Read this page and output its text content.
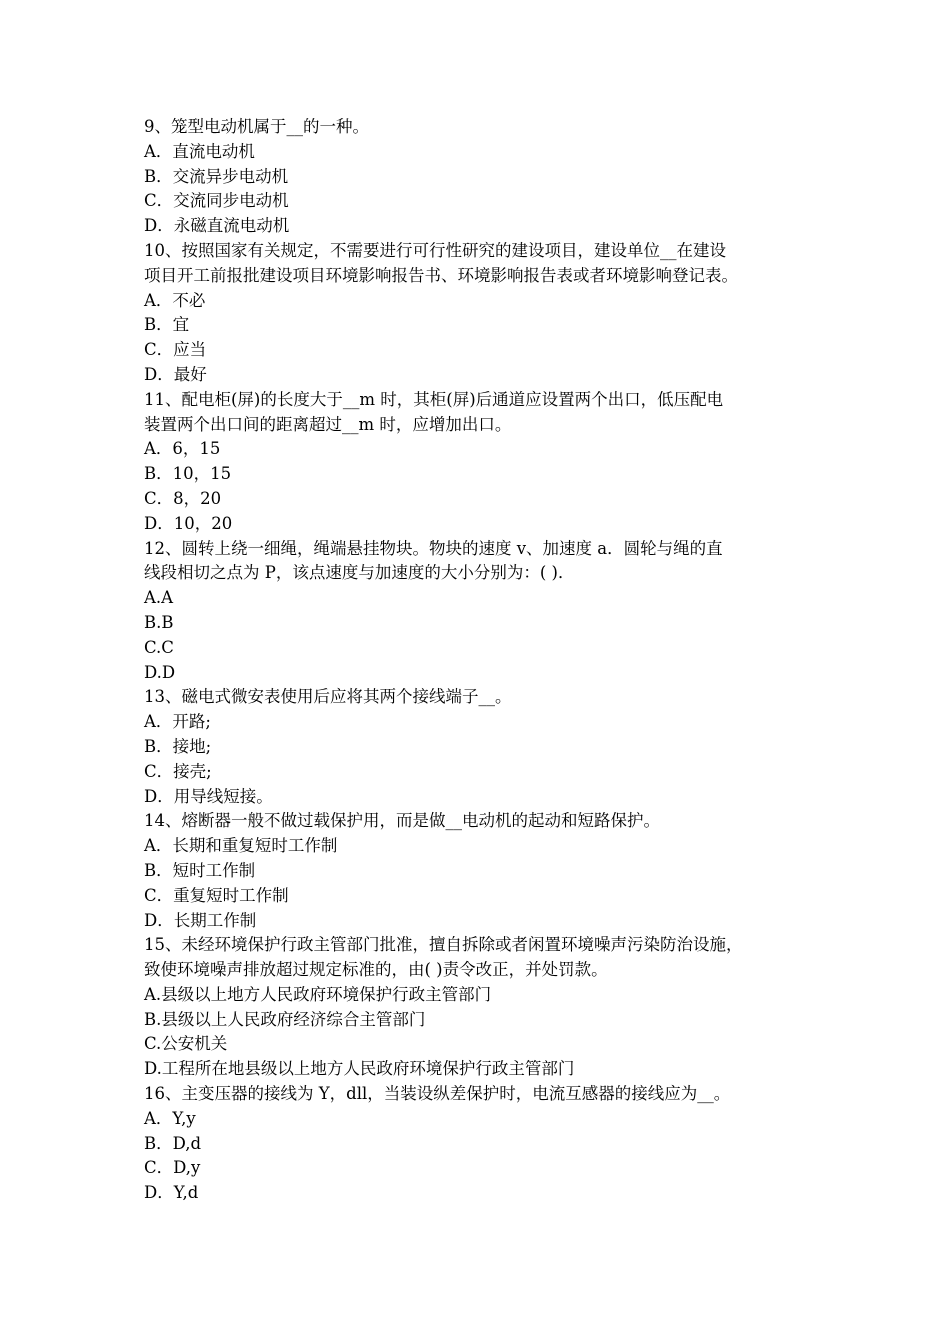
9、笼型电动机属于__的一种。
A．直流电动机
B．交流异步电动机
C．交流同步电动机
D．永磁直流电动机
10、按照国家有关规定，不需要进行可行性研究的建设项目，建设单位__在建设
项目开工前报批建设项目环境影响报告书、环境影响报告表或者环境影响登记表。
A．不必
B．宜
C．应当
D．最好
11、配电柜(屏)的长度大于__m 时，其柜(屏)后通道应设置两个出口，低压配电
装置两个出口间的距离超过__m 时，应增加出口。
A．6，15
B．10，15
C．8，20
D．10，20
12、圆转上绕一细绳，绳端悬挂物块。物块的速度 v、加速度 a．圆轮与绳的直
线段相切之点为 P，该点速度与加速度的大小分别为：( )．
A.A
B.B
C.C
D.D
13、磁电式微安表使用后应将其两个接线端子__。
A．开路;
B．接地;
C．接壳;
D．用导线短接。
14、熔断器一般不做过载保护用，而是做__电动机的起动和短路保护。
A．长期和重复短时工作制
B．短时工作制
C．重复短时工作制
D．长期工作制
15、未经环境保护行政主管部门批准，擅自拆除或者闲置环境噪声污染防治设施，
致使环境噪声排放超过规定标准的，由( )责令改正，并处罚款。
A.县级以上地方人民政府环境保护行政主管部门
B.县级以上人民政府经济综合主管部门
C.公安机关
D.工程所在地县级以上地方人民政府环境保护行政主管部门
16、主变压器的接线为 Y，dll，当装设纵差保护时，电流互感器的接线应为__。
A．Y,y
B．D,d
C．D,y
D．Y,d
